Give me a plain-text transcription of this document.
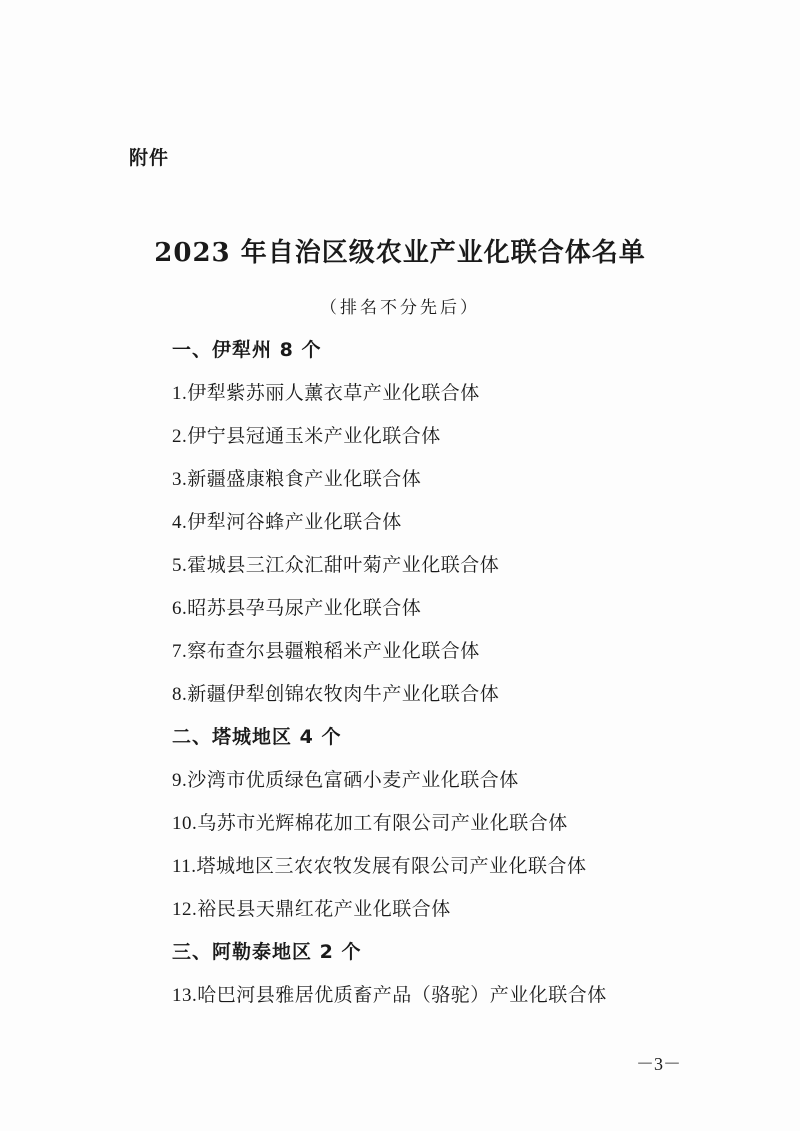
附件
2023 年自治区级农业产业化联合体名单
（排名不分先后）
一、伊犁州 8 个
1.伊犁紫苏丽人薰衣草产业化联合体
2.伊宁县冠通玉米产业化联合体
3.新疆盛康粮食产业化联合体
4.伊犁河谷蜂产业化联合体
5.霍城县三江众汇甜叶菊产业化联合体
6.昭苏县孕马尿产业化联合体
7.察布查尔县疆粮稻米产业化联合体
8.新疆伊犁创锦农牧肉牛产业化联合体
二、塔城地区 4 个
9.沙湾市优质绿色富硒小麦产业化联合体
10.乌苏市光辉棉花加工有限公司产业化联合体
11.塔城地区三农农牧发展有限公司产业化联合体
12.裕民县天鼎红花产业化联合体
三、阿勒泰地区 2 个
13.哈巴河县雅居优质畜产品（骆驼）产业化联合体
－3－
